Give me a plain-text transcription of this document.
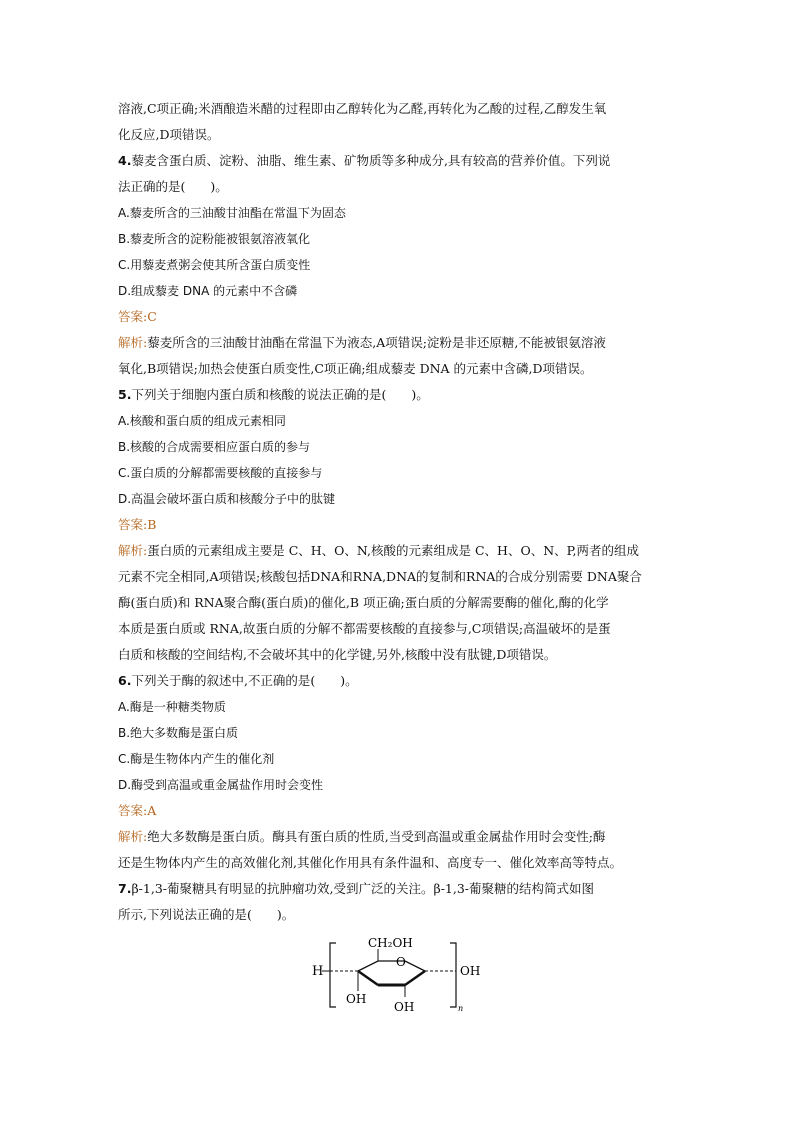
溶液,C项正确;米酒酿造米醋的过程即由乙醇转化为乙醛,再转化为乙酸的过程,乙醇发生氧
化反应,D项错误。
4.藜麦含蛋白质、淀粉、油脂、维生素、矿物质等多种成分,具有较高的营养价值。下列说
法正确的是(　　)。
A.藜麦所含的三油酸甘油酯在常温下为固态
B.藜麦所含的淀粉能被银氨溶液氧化
C.用藜麦煮粥会使其所含蛋白质变性
D.组成藜麦 DNA 的元素中不含磷
答案:C
解析:藜麦所含的三油酸甘油酯在常温下为液态,A项错误;淀粉是非还原糖,不能被银氨溶液
氧化,B项错误;加热会使蛋白质变性,C项正确;组成藜麦 DNA 的元素中含磷,D项错误。
5.下列关于细胞内蛋白质和核酸的说法正确的是(　　)。
A.核酸和蛋白质的组成元素相同
B.核酸的合成需要相应蛋白质的参与
C.蛋白质的分解都需要核酸的直接参与
D.高温会破坏蛋白质和核酸分子中的肽键
答案:B
解析:蛋白质的元素组成主要是 C、H、O、N,核酸的元素组成是 C、H、O、N、P,两者的组成
元素不完全相同,A项错误;核酸包括DNA和RNA,DNA的复制和RNA的合成分别需要 DNA聚合
酶(蛋白质)和 RNA聚合酶(蛋白质)的催化,B 项正确;蛋白质的分解需要酶的催化,酶的化学
本质是蛋白质或 RNA,故蛋白质的分解不都需要核酸的直接参与,C项错误;高温破坏的是蛋
白质和核酸的空间结构,不会破坏其中的化学键,另外,核酸中没有肽键,D项错误。
6.下列关于酶的叙述中,不正确的是(　　)。
A.酶是一种糖类物质
B.绝大多数酶是蛋白质
C.酶是生物体内产生的催化剂
D.酶受到高温或重金属盐作用时会变性
答案:A
解析:绝大多数酶是蛋白质。酶具有蛋白质的性质,当受到高温或重金属盐作用时会变性;酶
还是生物体内产生的高效催化剂,其催化作用具有条件温和、高度专一、催化效率高等特点。
7.β-1,3-葡聚糖具有明显的抗肿瘤功效,受到广泛的关注。β-1,3-葡聚糖的结构简式如图
所示,下列说法正确的是(　　)。
H
O
CH₂OH
OH
OH
OH	n
